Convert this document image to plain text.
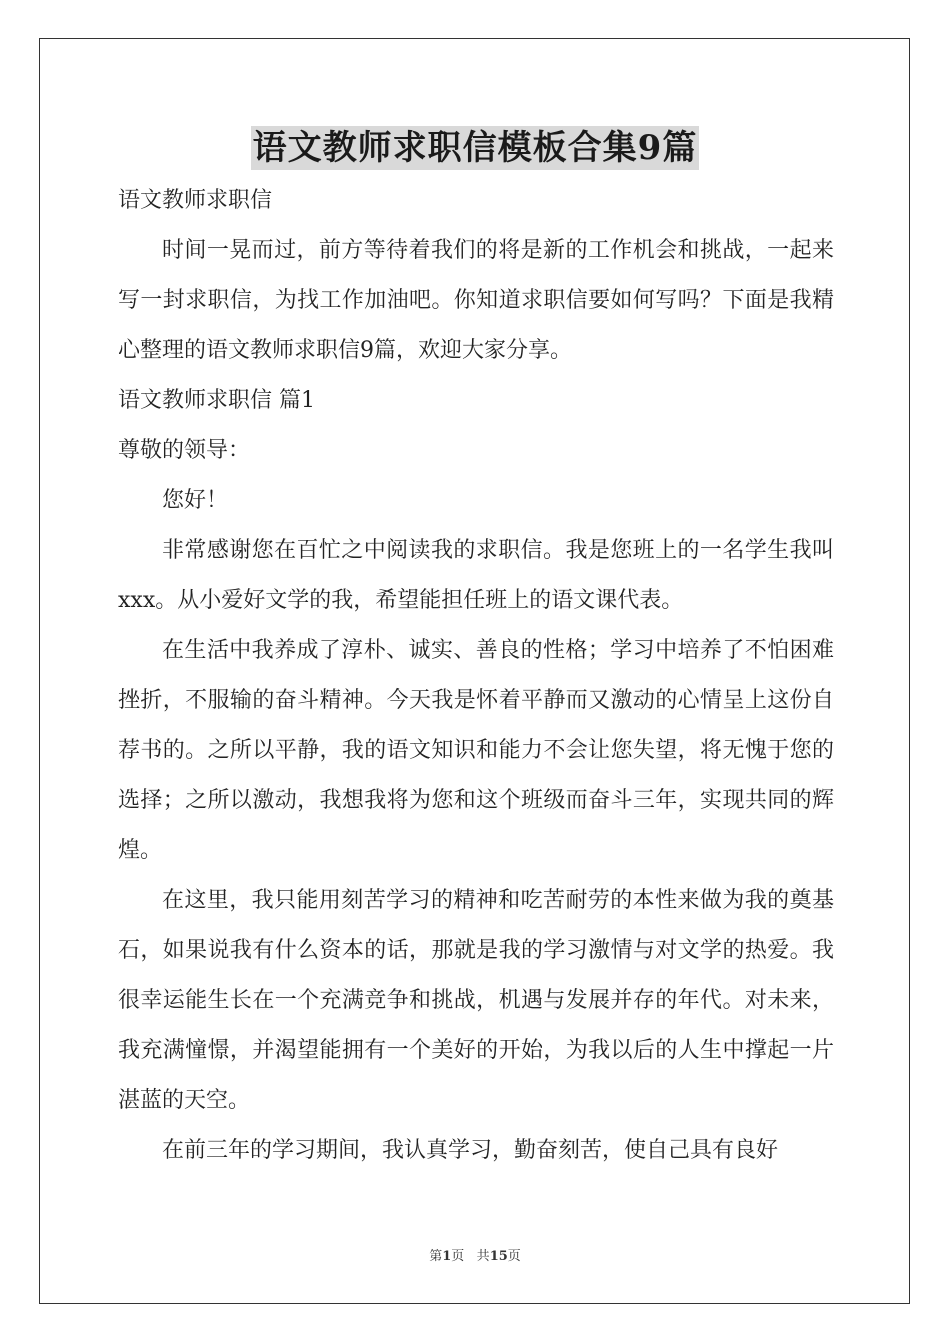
语文教师求职信模板合集9篇

语文教师求职信

时间一晃而过，前方等待着我们的将是新的工作机会和挑战，一起来写一封求职信，为找工作加油吧。你知道求职信要如何写吗？下面是我精心整理的语文教师求职信9篇，欢迎大家分享。

语文教师求职信 篇1

尊敬的领导：

您好！

非常感谢您在百忙之中阅读我的求职信。我是您班上的一名学生我叫xxx。从小爱好文学的我，希望能担任班上的语文课代表。

在生活中我养成了淳朴、诚实、善良的性格；学习中培养了不怕困难挫折，不服输的奋斗精神。今天我是怀着平静而又激动的心情呈上这份自荐书的。之所以平静，我的语文知识和能力不会让您失望，将无愧于您的选择；之所以激动，我想我将为您和这个班级而奋斗三年，实现共同的辉煌。

在这里，我只能用刻苦学习的精神和吃苦耐劳的本性来做为我的奠基石，如果说我有什么资本的话，那就是我的学习激情与对文学的热爱。我很幸运能生长在一个充满竞争和挑战，机遇与发展并存的年代。对未来，我充满憧憬，并渴望能拥有一个美好的开始，为我以后的人生中撑起一片湛蓝的天空。

在前三年的学习期间，我认真学习，勤奋刻苦，使自己具有良好

第1页 共15页
